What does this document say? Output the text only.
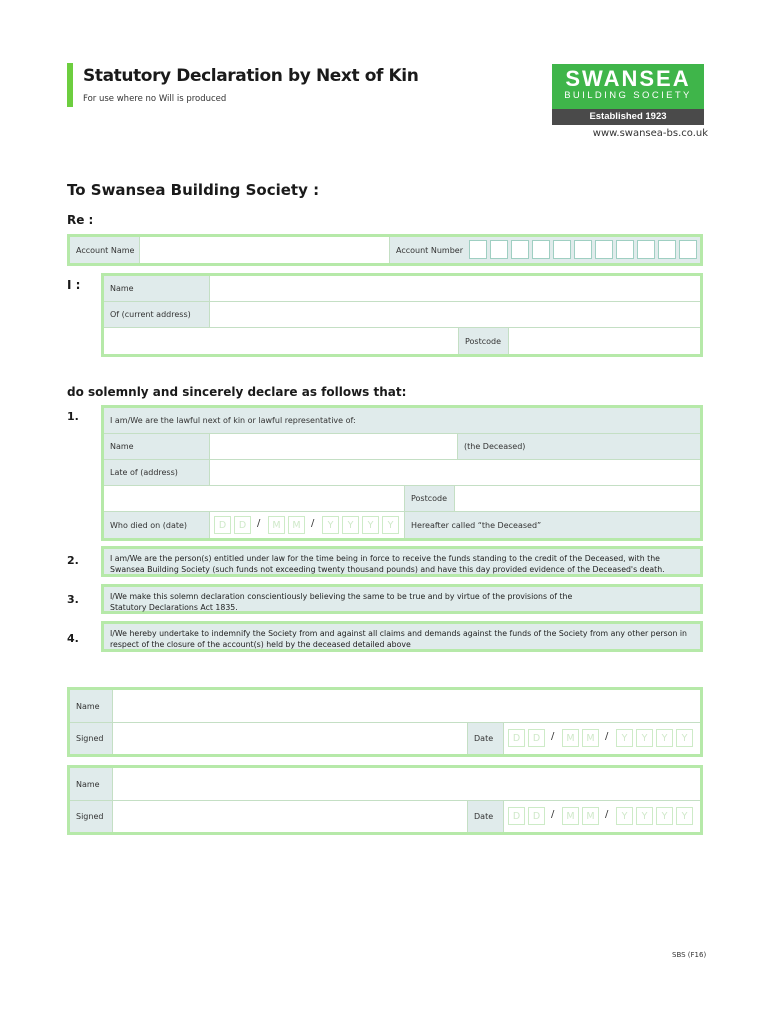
Statutory Declaration by Next of Kin
For use where no Will is produced
SWANSEA
BUILDING SOCIETY
Established 1923
www.swansea-bs.co.uk
To Swansea Building Society :
Re :
Account Name	Account Number
I :	Name
Of (current address)
Postcode
do solemnly and sincerely declare as follows that:
1.	I am/We are the lawful next of kin or lawful representative of:
Name	(the Deceased)
Late of (address)
Postcode
Who died on (date)	D	D	/	M	M	/	Y	Y	Y	Y	Hereafter called “the Deceased”
2.	I am/We are the person(s) entitled under law for the time being in force to receive the funds standing to the credit of the Deceased, with the
Swansea Building Society (such funds not exceeding twenty thousand pounds) and have this day provided evidence of the Deceased's death.
3.	I/We make this solemn declaration conscientiously believing the same to be true and by virtue of the provisions of the
Statutory Declarations Act 1835.
4.	I/We hereby undertake to indemnify the Society from and against all claims and demands against the funds of the Society from any other person in
respect of the closure of the account(s) held by the deceased detailed above
Name
Signed	Date	D	D	/	M	M	/	Y	Y	Y	Y
Name
Signed	Date	D	D	/	M	M	/	Y	Y	Y	Y
SBS (F16)
